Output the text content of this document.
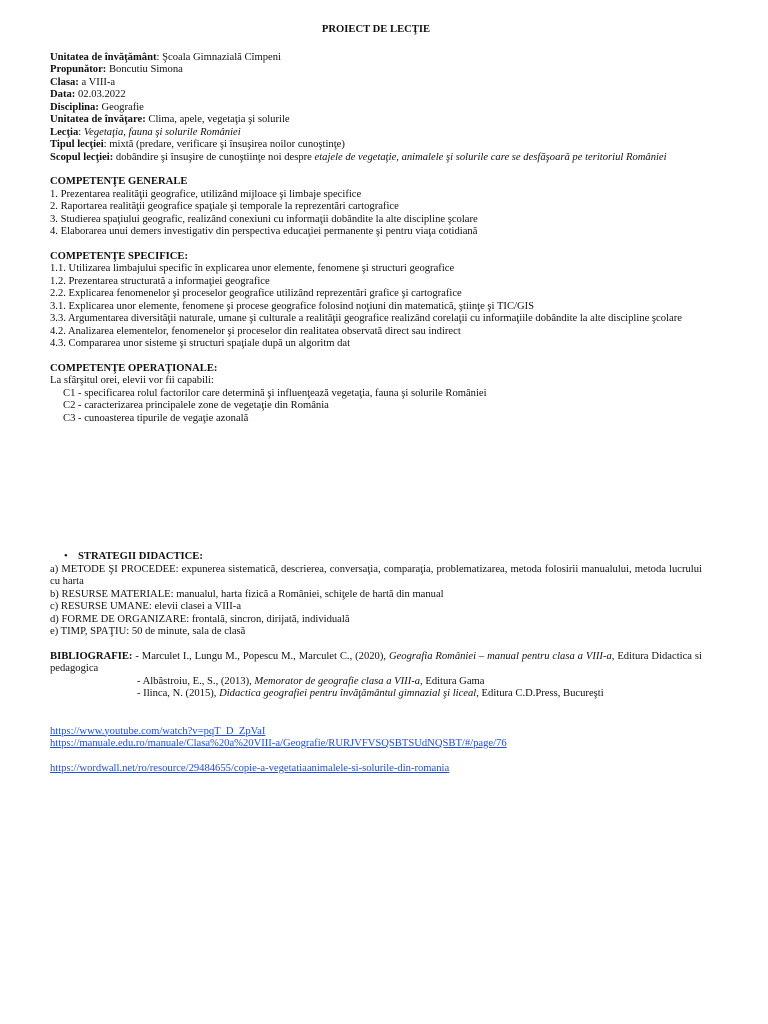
PROIECT DE LECŢIE
Unitatea de învăţământ: Şcoala Gimnazială Cîmpeni
Propunător: Boncutiu Simona
Clasa: a VIII-a
Data: 02.03.2022
Disciplina: Geografie
Unitatea de învăţare: Clima, apele, vegetaţia şi solurile
Lecţia: Vegetaţia, fauna şi solurile României
Tipul lecţiei: mixtă (predare, verificare şi însuşirea noilor cunoştinţe)
Scopul lecţiei: dobândire şi însuşire de cunoştiinţe noi despre etajele de vegetaţie, animalele şi solurile care se desfăşoară pe teritoriul României
COMPETENŢE GENERALE
1. Prezentarea realităţii geografice, utilizând mijloace şi limbaje specifice
2. Raportarea realităţii geografice spaţiale şi temporale la reprezentări cartografice
3. Studierea spaţiului geografic, realizând conexiuni cu informaţii dobândite la alte discipline şcolare
4. Elaborarea unui demers investigativ din perspectiva educaţiei permanente şi pentru viaţa cotidiană
COMPETENŢE SPECIFICE:
1.1. Utilizarea limbajului specific în explicarea unor elemente, fenomene şi structuri geografice
1.2. Prezentarea structurată a informaţiei geografice
2.2. Explicarea fenomenelor şi proceselor geografice utilizând reprezentări grafice şi cartografice
3.1. Explicarea unor elemente, fenomene şi procese geografice folosind noţiuni din matematică, ştiinţe şi TIC/GIS
3.3. Argumentarea diversităţii naturale, umane şi culturale a realităţii geografice realizând corelaţii cu informaţiile dobândite la alte discipline şcolare
4.2. Analizarea elementelor, fenomenelor şi proceselor din realitatea observată direct sau indirect
4.3. Compararea unor sisteme şi structuri spaţiale după un algoritm dat
COMPETENŢE OPERAŢIONALE:
La sfârşitul orei, elevii vor fii capabili:
C1 - specificarea rolul factorilor care determină şi influenţează vegetaţia, fauna şi solurile României
C2 - caracterizarea principalele zone de vegetaţie din România
C3 - cunoasterea tipurile de vegaţie azonală
• STRATEGII DIDACTICE:
a) METODE ŞI PROCEDEE: expunerea sistematică, descrierea, conversaţia, comparaţia, problematizarea, metoda folosirii manualului, metoda lucrului cu harta
b) RESURSE MATERIALE: manualul, harta fizică a României, schiţele de hartă din manual
c) RESURSE UMANE: elevii clasei a VIII-a
d) FORME DE ORGANIZARE: frontală, sincron, dirijată, individuală
e) TIMP, SPAŢIU: 50 de minute, sala de clasă
BIBLIOGRAFIE: - Marculet I., Lungu M., Popescu M., Marculet C., (2020), Geografia României – manual pentru clasa a VIII-a, Editura Didactica si pedagogica
- Albăstroiu, E., S., (2013), Memorator de geografie clasa a VIII-a, Editura Gama
- Ilinca, N. (2015), Didactica geografiei pentru învăţământul gimnazial şi liceal, Editura C.D.Press, Bucureşti
https://www.youtube.com/watch?v=pqT_D_ZpVaI
https://manuale.edu.ro/manuale/Clasa%20a%20VIII-a/Geografie/RURJVFVSQSBTSUdNQSBT/#/page/76
https://wordwall.net/ro/resource/29484655/copie-a-vegetatiaanimalele-si-solurile-din-romania
